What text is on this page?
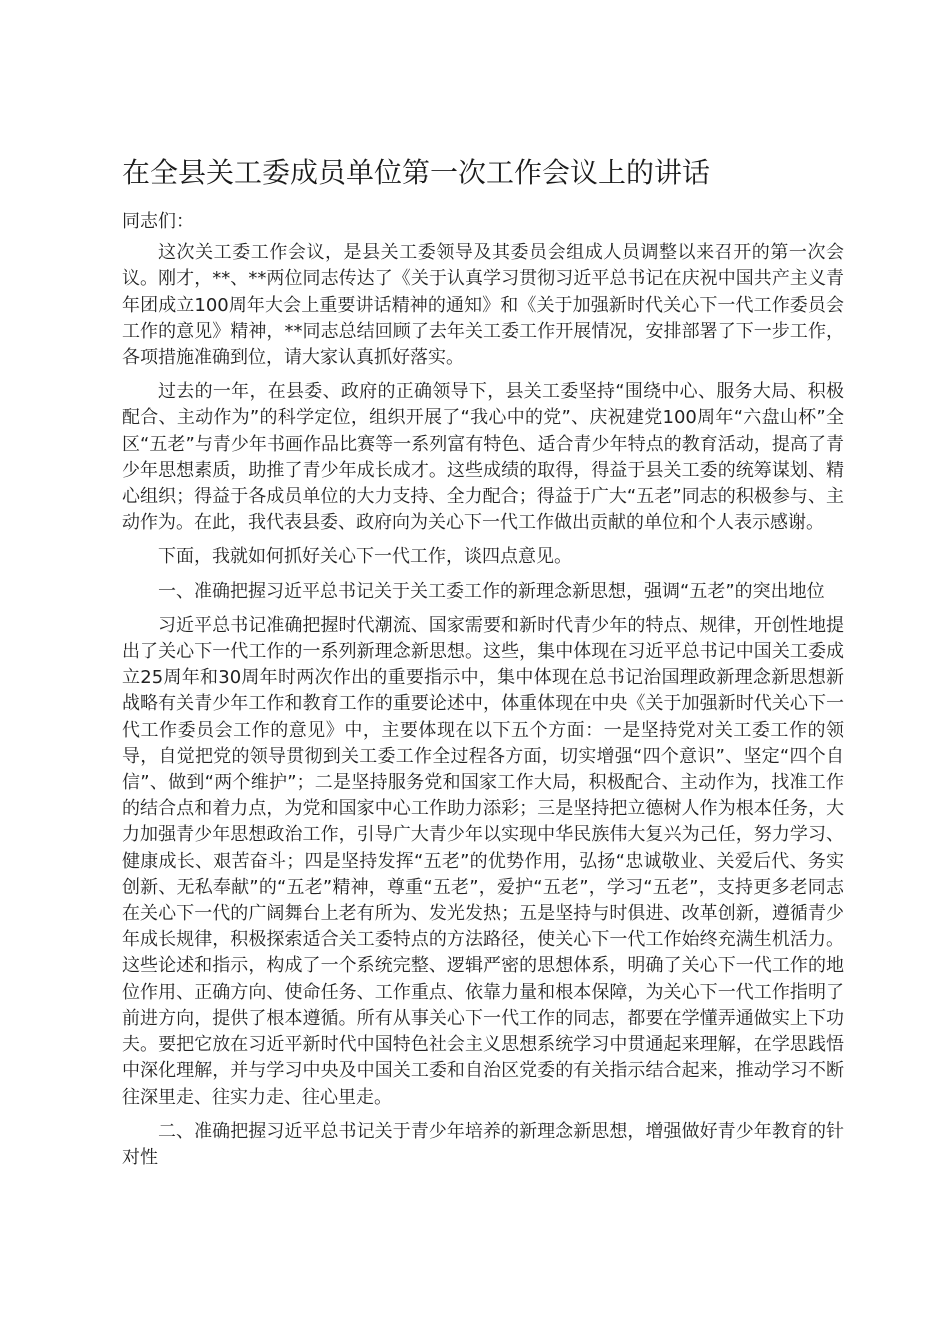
在全县关工委成员单位第一次工作会议上的讲话

同志们：

这次关工委工作会议，是县关工委领导及其委员会组成人员调整以来召开的第一次会议。刚才，**、**两位同志传达了《关于认真学习贯彻习近平总书记在庆祝中国共产主义青年团成立100周年大会上重要讲话精神的通知》和《关于加强新时代关心下一代工作委员会工作的意见》精神，**同志总结回顾了去年关工委工作开展情况，安排部署了下一步工作，各项措施准确到位，请大家认真抓好落实。

过去的一年，在县委、政府的正确领导下，县关工委坚持“围绕中心、服务大局、积极配合、主动作为”的科学定位，组织开展了“我心中的党”、庆祝建党100周年“六盘山杯”全区“五老”与青少年书画作品比赛等一系列富有特色、适合青少年特点的教育活动，提高了青少年思想素质，助推了青少年成长成才。这些成绩的取得，得益于县关工委的统筹谋划、精心组织；得益于各成员单位的大力支持、全力配合；得益于广大“五老”同志的积极参与、主动作为。在此，我代表县委、政府向为关心下一代工作做出贡献的单位和个人表示感谢。

下面，我就如何抓好关心下一代工作，谈四点意见。

一、准确把握习近平总书记关于关工委工作的新理念新思想，强调“五老”的突出地位

习近平总书记准确把握时代潮流、国家需要和新时代青少年的特点、规律，开创性地提出了关心下一代工作的一系列新理念新思想。这些，集中体现在习近平总书记中国关工委成立25周年和30周年时两次作出的重要指示中，集中体现在总书记治国理政新理念新思想新战略有关青少年工作和教育工作的重要论述中，体重体现在中央《关于加强新时代关心下一代工作委员会工作的意见》中，主要体现在以下五个方面：一是坚持党对关工委工作的领导，自觉把党的领导贯彻到关工委工作全过程各方面，切实增强“四个意识”、坚定“四个自信”、做到“两个维护”；二是坚持服务党和国家工作大局，积极配合、主动作为，找准工作的结合点和着力点，为党和国家中心工作助力添彩；三是坚持把立德树人作为根本任务，大力加强青少年思想政治工作，引导广大青少年以实现中华民族伟大复兴为己任，努力学习、健康成长、艰苦奋斗；四是坚持发挥“五老”的优势作用，弘扬“忠诚敬业、关爱后代、务实创新、无私奉献”的“五老”精神，尊重“五老”，爱护“五老”，学习“五老”，支持更多老同志在关心下一代的广阔舞台上老有所为、发光发热；五是坚持与时俱进、改革创新，遵循青少年成长规律，积极探索适合关工委特点的方法路径，使关心下一代工作始终充满生机活力。这些论述和指示，构成了一个系统完整、逻辑严密的思想体系，明确了关心下一代工作的地位作用、正确方向、使命任务、工作重点、依靠力量和根本保障，为关心下一代工作指明了前进方向，提供了根本遵循。所有从事关心下一代工作的同志，都要在学懂弄通做实上下功夫。要把它放在习近平新时代中国特色社会主义思想系统学习中贯通起来理解，在学思践悟中深化理解，并与学习中央及中国关工委和自治区党委的有关指示结合起来，推动学习不断往深里走、往实力走、往心里走。

二、准确把握习近平总书记关于青少年培养的新理念新思想，增强做好青少年教育的针对性
